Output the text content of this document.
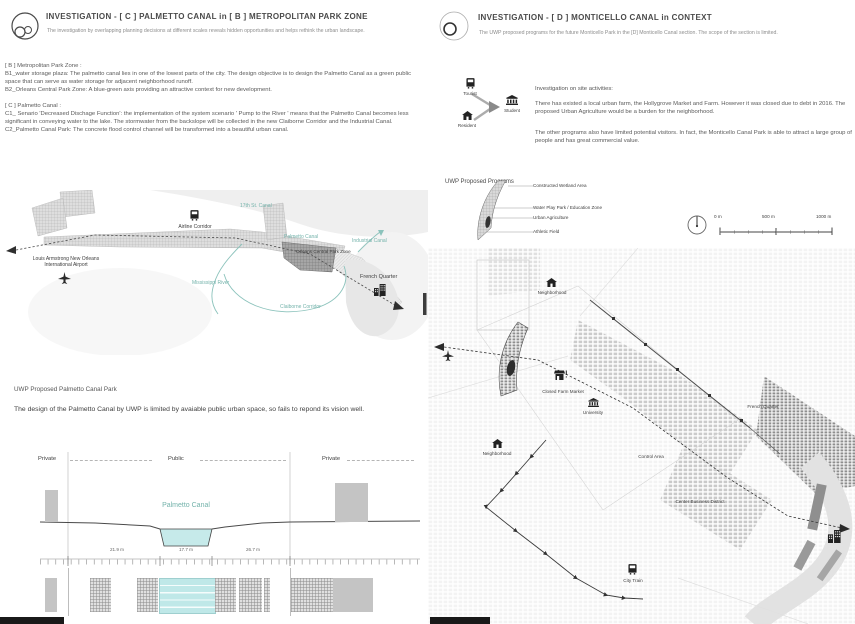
INVESTIGATION - [ C ] PALMETTO CANAL in [ B ] METROPOLITAN PARK ZONE
The investigation by overlapping planning decisions at different scales reveals hidden opportunities and helps rethink the urban landscape.

[ B ] Metropolitan Park Zone :

B1_water storage plaza: The palmetto canal lies in one of the lowest parts of the city. The design objective is to design the Palmetto Canal as a green public space that can serve as water storage for adjacent neighborhood runoff.

B2_Orleans Central Park Zone: A blue-green axis providing an attractive context for new development.

[ C ] Palmetto Canal :

C1_ Senario 'Decreased Dischage Function': the implementation of the system scenario ' Pump to the River ' means that the Palmetto Canal becomes less significant in conveying water to the lake. The stormwater from the backslope will be collected in the new Claiborne Corridor and the Industrial Canal.

C2_Palmetto Canal Park: The concrete flood control channel will be transformed into a beautiful urban canal.

Louis Armstrong New Orleans International Airport
Airline Corridor
17th St. Canal
Palmetto Canal
Orleans Central Park Zone
Industrial Canal
French Quarter
Mississippi River
Claiborne Corridor
UWP Proposed Palmetto Canal Park
The design of the Palmetto Canal by UWP is limited by avaiable public urban space, so fails to repond its vision well.
Private	Public	Private
Palmetto Canal
21.9 m	17.7 m	26.7 m
INVESTIGATION - [ D ] MONTICELLO CANAL in CONTEXT
The UWP proposed programs for the future Monticello Park in the [D] Monticello Canal section. The scope of the section is limited.
Tourist
Resident
Student
Investigation on site activities:
There has existed a local urban farm, the Hollygrove Market and Farm. However it was closed due to debt in 2016. The proposed Urban Agriculture would be a burden for the neighborhood.
The other programs also have limited potential visitors. In fact, the Monticello Canal Park is able to attract a large group of people and has great commercial value.
UWP Proposed Programs
Constructed Wetland Area
Water Play Park / Education Zone
Urban Agriculture
Athletic Field
0 m	500 m	1000 m
Neighborhood
Closed Farm Market
University
French Quarter
Control Area
Center Business District
Neighborhood
City Train
